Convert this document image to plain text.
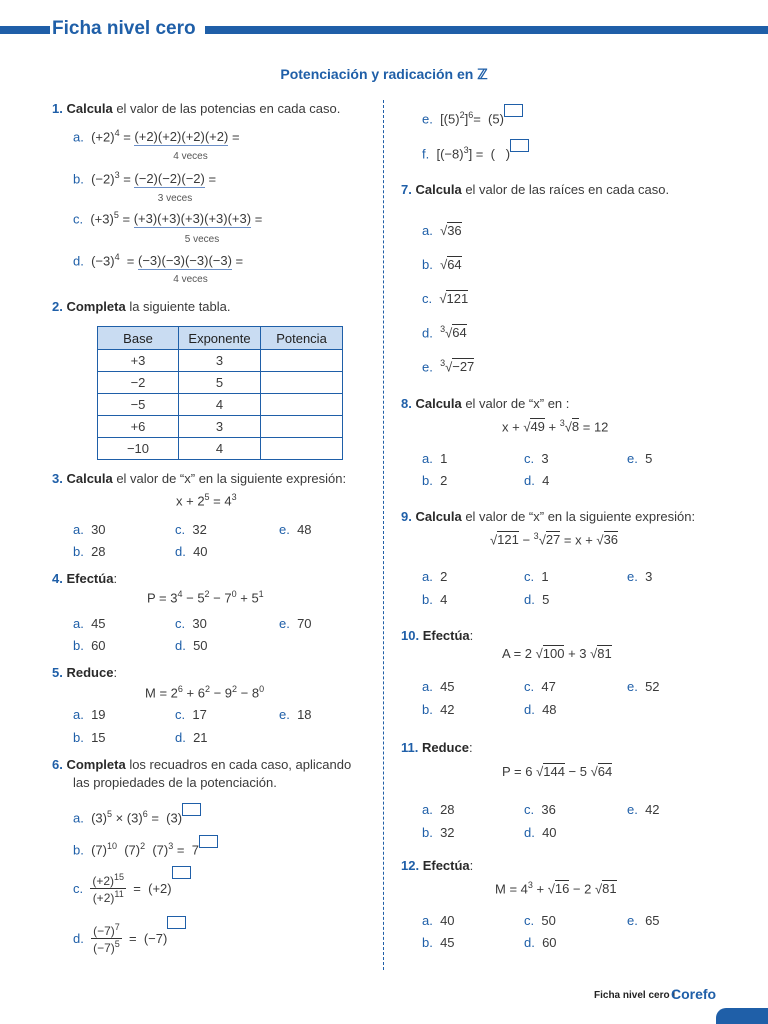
Ficha nivel cero
Potenciación y radicación en ℤ
1. Calcula el valor de las potencias en cada caso.
a.  $(+2)^4 = (+2)(+2)(+2)(+2)$ =
4 veces
b.  $(-2)^3 = (-2)(-2)(-2)$ =
3 veces
c.  $(+3)^5 = (+3)(+3)(+3)(+3)(+3)$ =
5 veces
d.  $(-3)^4 = (-3)(-3)(-3)(-3)$ =
4 veces
2. Completa la siguiente tabla.
Base	Exponente	Potencia
+3	3	
−2	5	
−5	4	
+6	3	
−10	4	
3. Calcula el valor de “x” en la siguiente expresión:
$x + 2^5 = 4^3$
a. 30	c. 32	e. 48
b. 28	d. 40
4. Efectúa:
$P = 3^4 - 5^2 - 7^0 + 5^1$
a. 45	c. 30	e. 70
b. 60	d. 50
5. Reduce:
$M = 2^6 + 6^2 - 9^2 - 8^0$
a. 19	c. 17	e. 18
b. 15	d. 21
6. Completa los recuadros en cada caso, aplicando
las propiedades de la potenciación.
a.  $(3)^5 \times (3)^6 = (3)$
b.  $(7)^{10}$  $(7)^2$  $(7)^3 = 7$
c. $\frac{(+2)^{15}}{(+2)^{11}} = (+2)$
d. $\frac{(-7)^7}{(-7)^5} = (-7)$
e.  $[(5)^2]^6= (5)$
f.  $[(-8)^3]$ =  (   )
7. Calcula el valor de las raíces en cada caso.
a.  √36
b.  √64
c.  √121
d. $^3$√64
e. $^3$√−27
8. Calcula el valor de “x” en :
x + √49 + $^3$√8 = 12
a. 1	c. 3	e. 5
b. 2	d. 4
9. Calcula el valor de “x” en la siguiente expresión:
√121 − $^3$√27 = x + √36
a. 2	c. 1	e. 3
b. 4	d. 5
10. Efectúa:
A = 2 √100 + 3 √81
a. 45	c. 47	e. 52
b. 42	d. 48
11. Reduce:
P = 6 √144 − 5 √64
a. 28	c. 36	e. 42
b. 32	d. 40
12. Efectúa:
$M = 4^3 + √16 - 2$ √81
a. 40	c. 50	e. 65
b. 45	d. 60
Ficha nivel cero I
Corefo
